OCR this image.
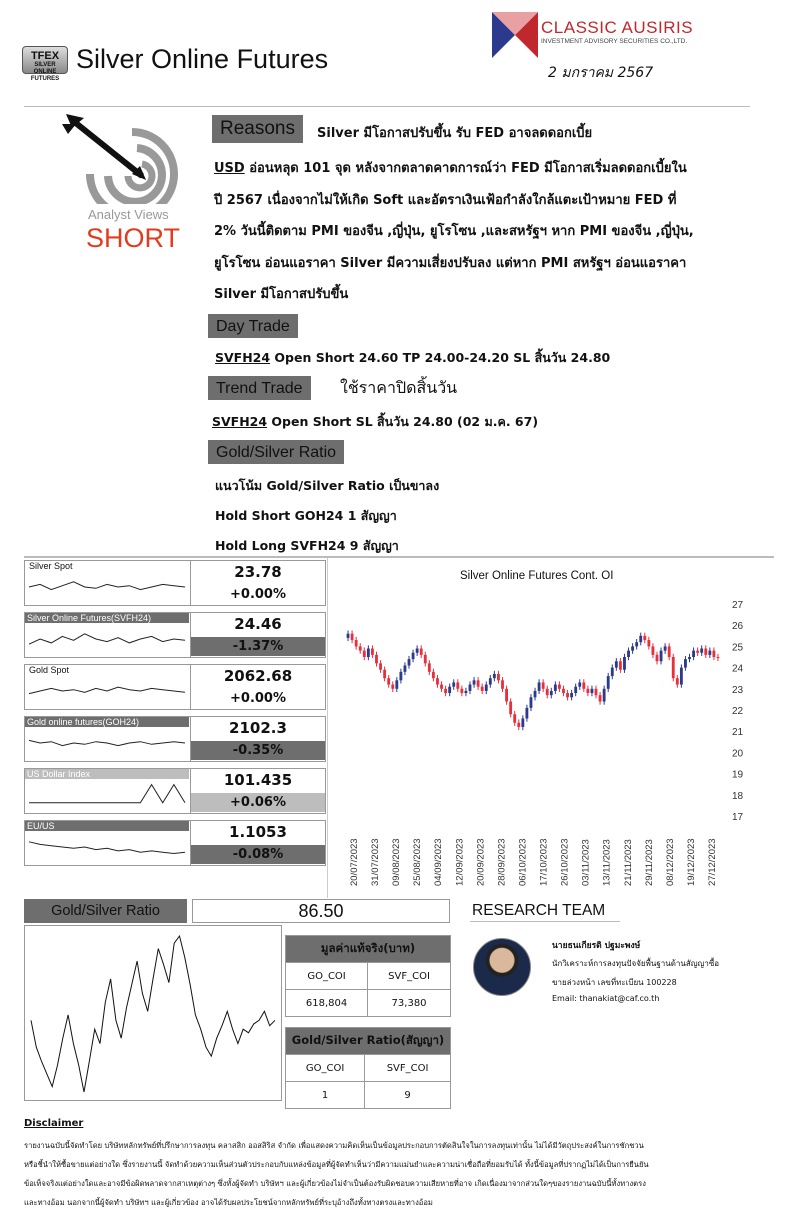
TFEX
SILVER
ONLINE FUTURES
Silver Online Futures
CLASSIC AUSIRIS
INVESTMENT ADVISORY SECURITIES CO.,LTD.
2 มกราคม 2567
Analyst Views
SHORT
Reasons	Silver มีโอกาสปรับขึ้น รับ FED อาจลดดอกเบี้ย
USD อ่อนหลุด 101 จุด หลังจากตลาดคาดการณ์ว่า FED มีโอกาสเริ่มลดดอกเบี้ยใน
ปี 2567 เนื่องจากไม่ให้เกิด Soft และอัตราเงินเฟ้อกำลังใกล้แตะเป้าหมาย FED ที่
2% วันนี้ติดตาม PMI ของจีน ,ญี่ปุ่น, ยูโรโซน ,และสหรัฐฯ หาก PMI ของจีน ,ญี่ปุ่น,
ยูโรโซน อ่อนแอราคา Silver มีความเสี่ยงปรับลง แต่หาก PMI สหรัฐฯ อ่อนแอราคา
Silver มีโอกาสปรับขึ้น
Day Trade
SVFH24 Open Short 24.60 TP 24.00-24.20 SL สิ้นวัน 24.80
Trend Trade	ใช้ราคาปิดสิ้นวัน
SVFH24 Open Short SL สิ้นวัน 24.80 (02 ม.ค. 67)
Gold/Silver Ratio
แนวโน้ม Gold/Silver Ratio เป็นขาลง
Hold Short GOH24 1 สัญญา
Hold Long SVFH24 9 สัญญา
Silver Spot	23.78
+0.00%
Silver Online Futures(SVFH24)	24.46
-1.37%
Gold Spot	2062.68
+0.00%
Gold online futures(GOH24)	2102.3
-0.35%
US Dollar Index	101.435
+0.06%
EU/US	1.1053
-0.08%
Silver Online Futures Cont. OI
27
26
25
24
23
22
21
20
19
18
17
20/07/2023 31/07/2023 09/08/2023 25/08/2023 04/09/2023 12/09/2023 20/09/2023 28/09/2023 06/10/2023 17/10/2023 26/10/2023 03/11/2023 13/11/2023 21/11/2023 29/11/2023 08/12/2023 19/12/2023 27/12/2023
Gold/Silver Ratio	86.50
มูลค่าแท้จริง(บาท)	
GO_COI	SVF_COI
618,804	73,380
Gold/Silver Ratio(สัญญา)	
GO_COI	SVF_COI
1	9
RESEARCH TEAM
นายธนเกียรติ ปฐมะพงษ์
นักวิเคราะห์การลงทุนปัจจัยพื้นฐานด้านสัญญาซื้อ
ขายล่วงหน้า เลขที่ทะเบียน 100228
Email: thanakiat@caf.co.th
Disclaimer
รายงานฉบับนี้จัดทำโดย บริษัทหลักทรัพย์ที่ปรึกษาการลงทุน คลาสสิก ออสสิริส จำกัด เพื่อแสดงความคิดเห็นเป็นข้อมูลประกอบการตัดสินใจในการลงทุนเท่านั้น ไม่ได้มีวัตถุประสงค์ในการชักชวน
หรือชี้นำให้ซื้อขายแต่อย่างใด ซึ่งรายงานนี้ จัดทำด้วยความเห็นส่วนตัวประกอบกับแหล่งข้อมูลที่ผู้จัดทำเห็นว่ามีความแม่นยำและความน่าเชื่อถือที่ยอมรับได้ ทั้งนี้ข้อมูลที่ปรากฏไม่ได้เป็นการยืนยัน
ข้อเท็จจริงแต่อย่างใดและอาจมีข้อผิดพลาดจากสาเหตุต่างๆ ซึ่งทั้งผู้จัดทำ บริษัทฯ และผู้เกี่ยวข้องไม่จำเป็นต้องรับผิดชอบความเสียหายที่อาจ เกิดเนื่องมาจากส่วนใดๆของรายงานฉบับนี้ทั้งทางตรง
และทางอ้อม นอกจากนี้ผู้จัดทำ บริษัทฯ และผู้เกี่ยวข้อง อาจได้รับผลประโยชน์จากหลักทรัพย์ที่ระบุอ้างถึงทั้งทางตรงและทางอ้อม
